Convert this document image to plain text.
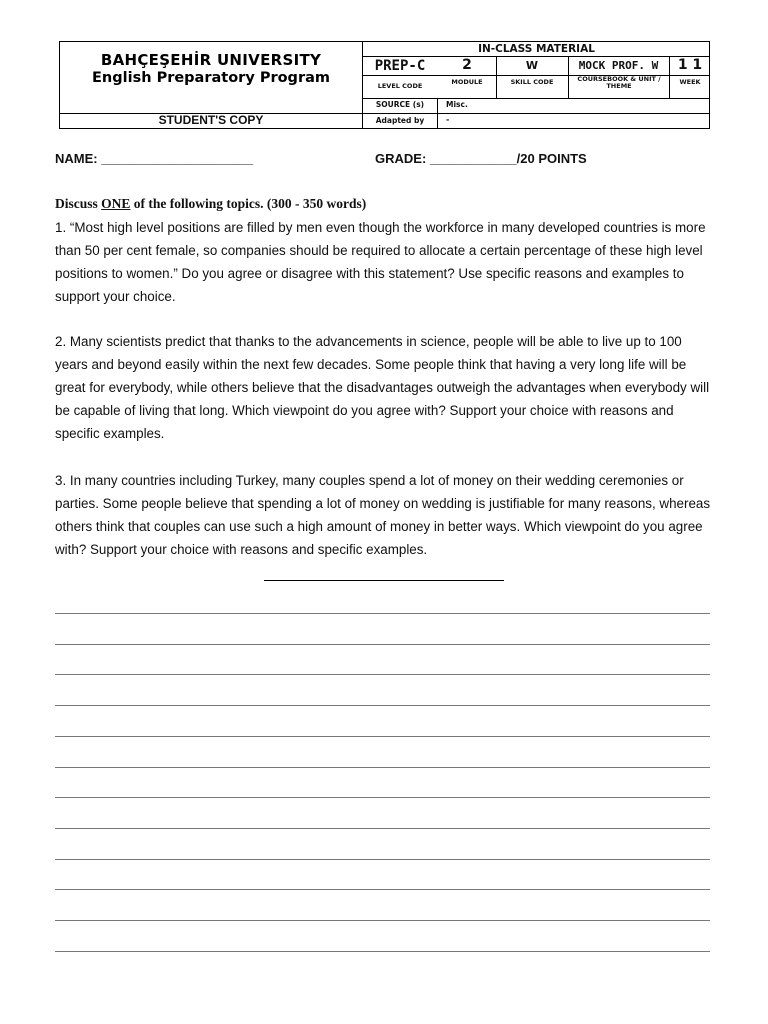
BAHÇEŞEHİR UNIVERSITY
English Preparatory Program
STUDENT'S COPY
IN-CLASS MATERIAL
PREP-C	2	W	MOCK PROF. W	1 1
LEVEL CODE	MODULE	SKILL CODE	COURSEBOOK & UNIT / THEME	WEEK
SOURCE (s)	Misc.
Adapted by	-
NAME: _____________________	GRADE: ____________/20 POINTS
Discuss ONE of the following topics. (300 - 350 words)
1. “Most high level positions are filled by men even though the workforce in many developed countries is more than 50 per cent female, so companies should be required to allocate a certain percentage of these high level positions to women.” Do you agree or disagree with this statement? Use specific reasons and examples to support your choice.
2. Many scientists predict that thanks to the advancements in science, people will be able to live up to 100 years and beyond easily within the next few decades. Some people think that having a very long life will be great for everybody, while others believe that the disadvantages outweigh the advantages when everybody will be capable of living that long. Which viewpoint do you agree with? Support your choice with reasons and specific examples.
3. In many countries including Turkey, many couples spend a lot of money on their wedding ceremonies or parties. Some people believe that spending a lot of money on wedding is justifiable for many reasons, whereas others think that couples can use such a high amount of money in better ways. Which viewpoint do you agree with? Support your choice with reasons and specific examples.
